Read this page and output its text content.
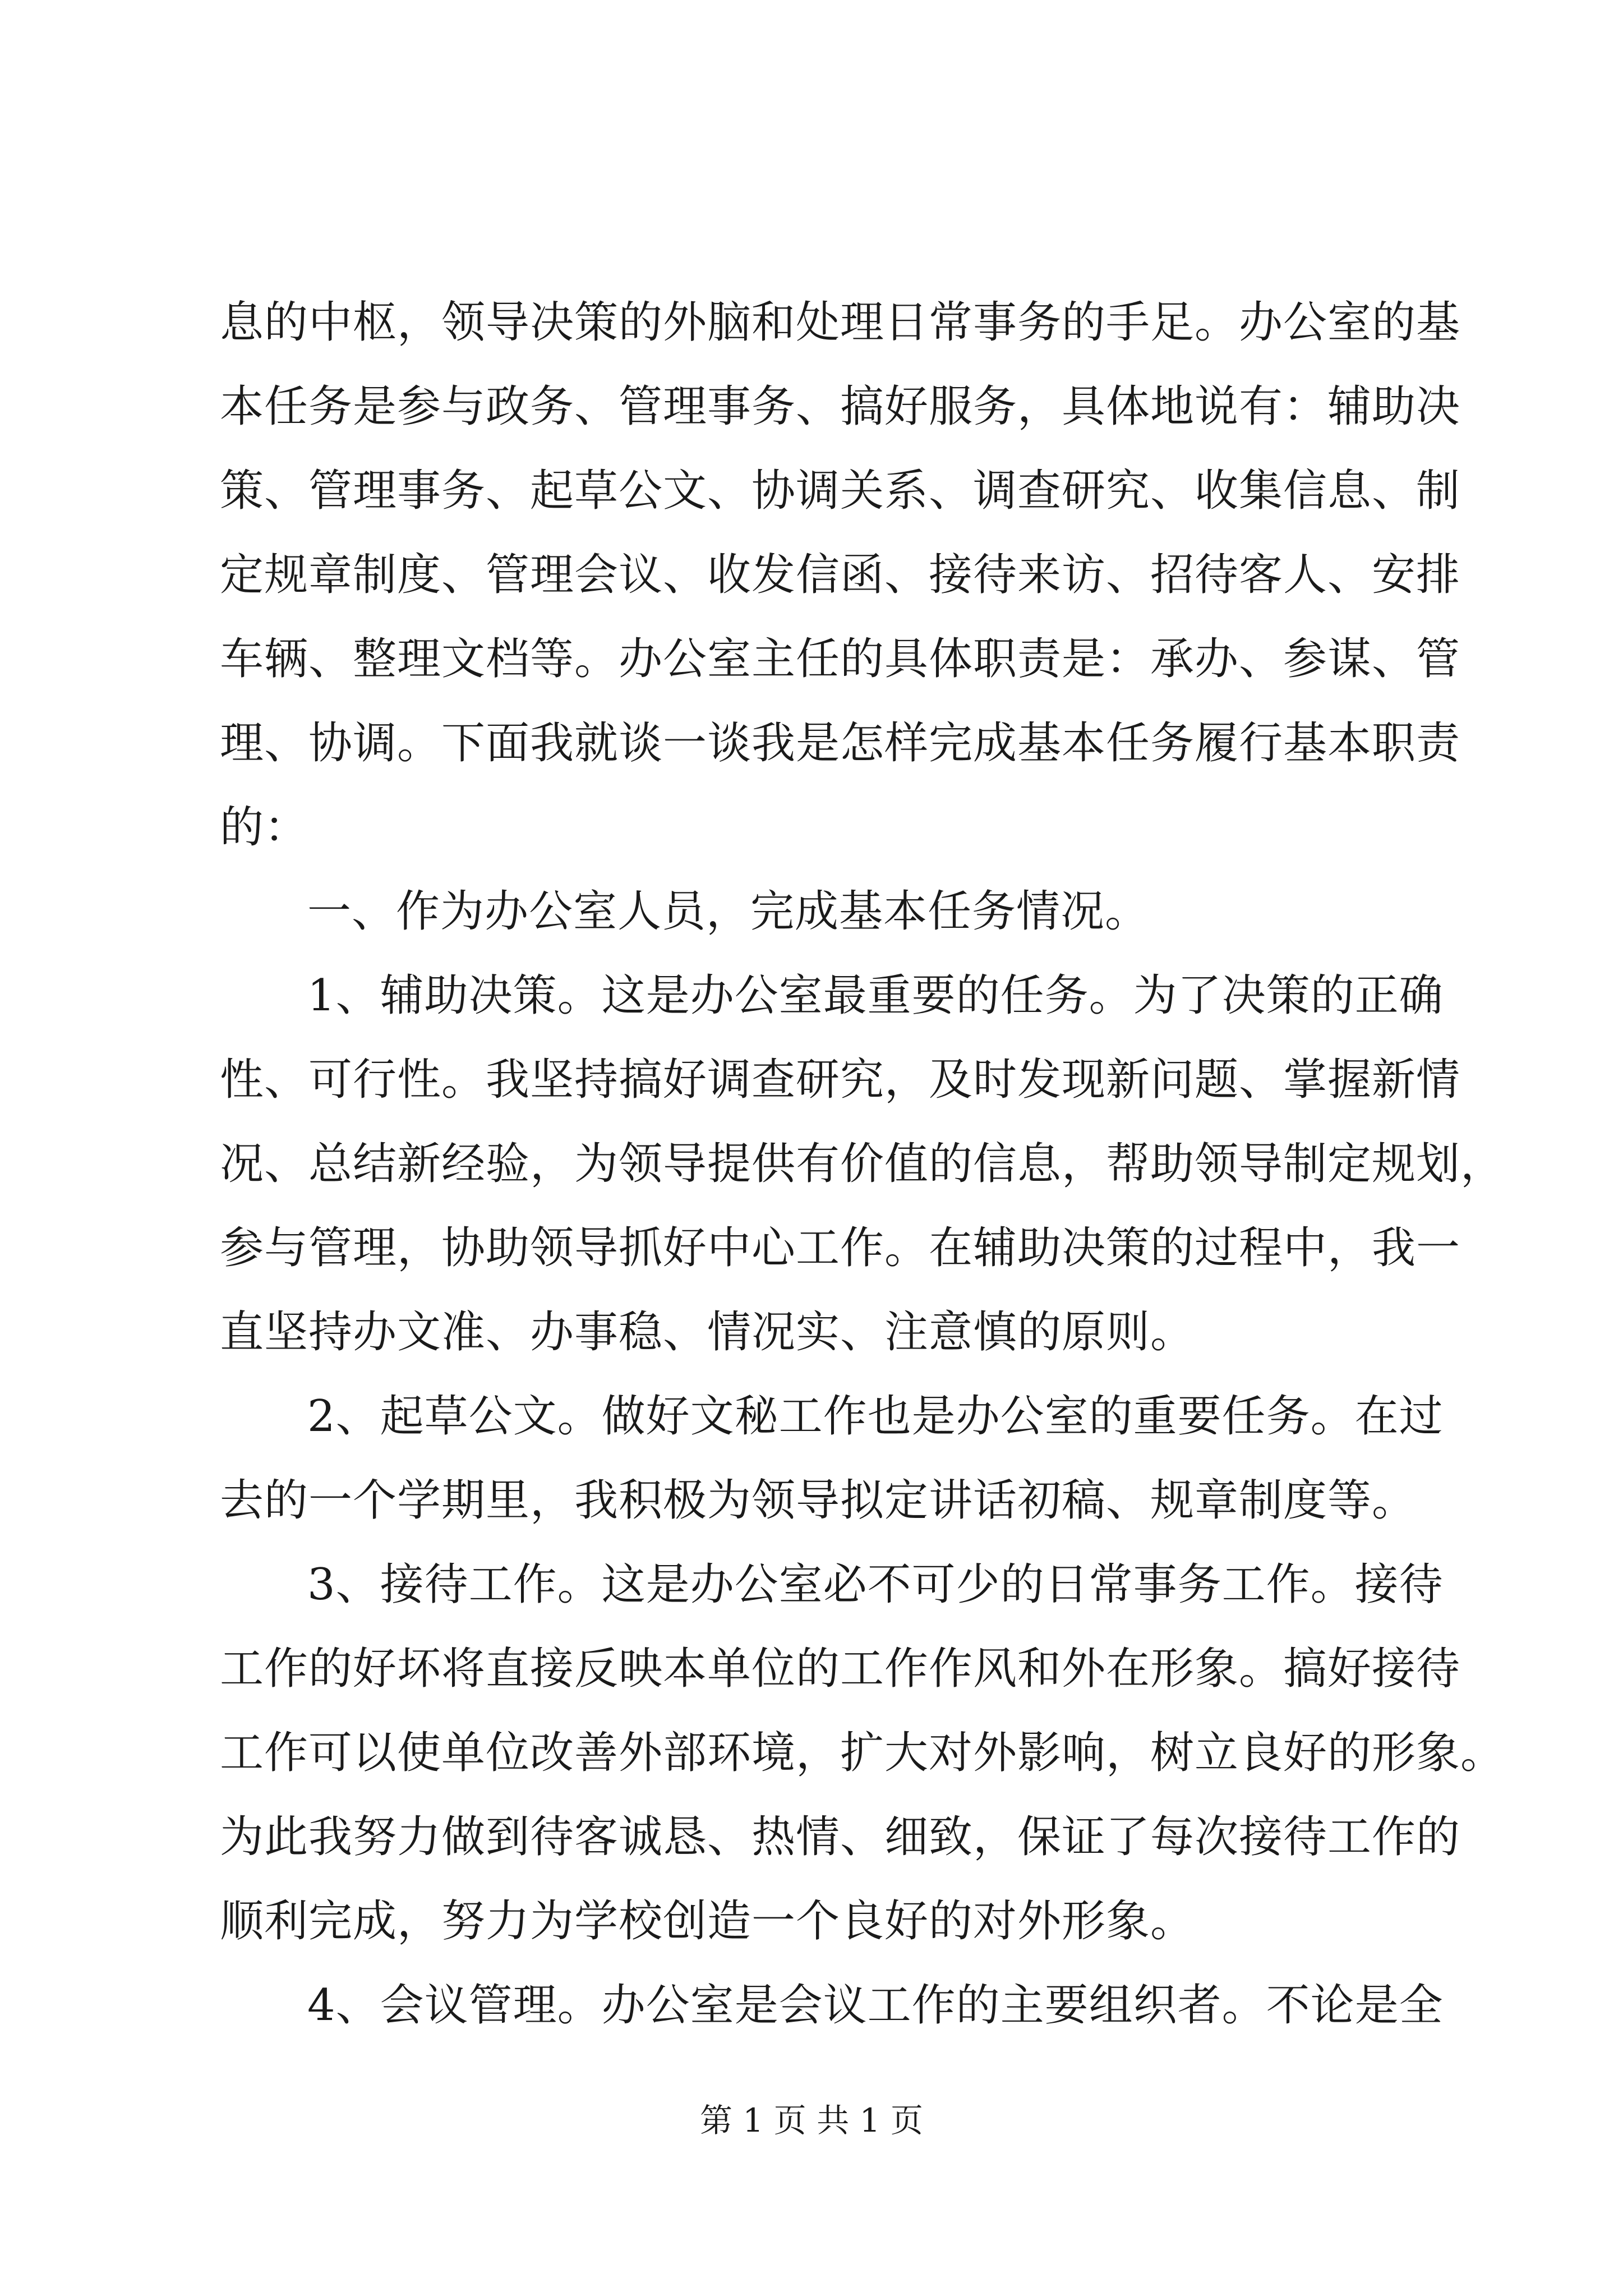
息的中枢，领导决策的外脑和处理日常事务的手足。办公室的基
本任务是参与政务、管理事务、搞好服务，具体地说有：辅助决
策、管理事务、起草公文、协调关系、调查研究、收集信息、制
定规章制度、管理会议、收发信函、接待来访、招待客人、安排
车辆、整理文档等。办公室主任的具体职责是：承办、参谋、管
理、协调。下面我就谈一谈我是怎样完成基本任务履行基本职责
的：
一、作为办公室人员，完成基本任务情况。
1、辅助决策。这是办公室最重要的任务。为了决策的正确
性、可行性。我坚持搞好调查研究，及时发现新问题、掌握新情
况、总结新经验，为领导提供有价值的信息，帮助领导制定规划，
参与管理，协助领导抓好中心工作。在辅助决策的过程中，我一
直坚持办文准、办事稳、情况实、注意慎的原则。
2、起草公文。做好文秘工作也是办公室的重要任务。在过
去的一个学期里，我积极为领导拟定讲话初稿、规章制度等。
3、接待工作。这是办公室必不可少的日常事务工作。接待
工作的好坏将直接反映本单位的工作作风和外在形象。搞好接待
工作可以使单位改善外部环境，扩大对外影响，树立良好的形象。
为此我努力做到待客诚恳、热情、细致，保证了每次接待工作的
顺利完成，努力为学校创造一个良好的对外形象。
4、会议管理。办公室是会议工作的主要组织者。不论是全
第 1 页 共 1 页
